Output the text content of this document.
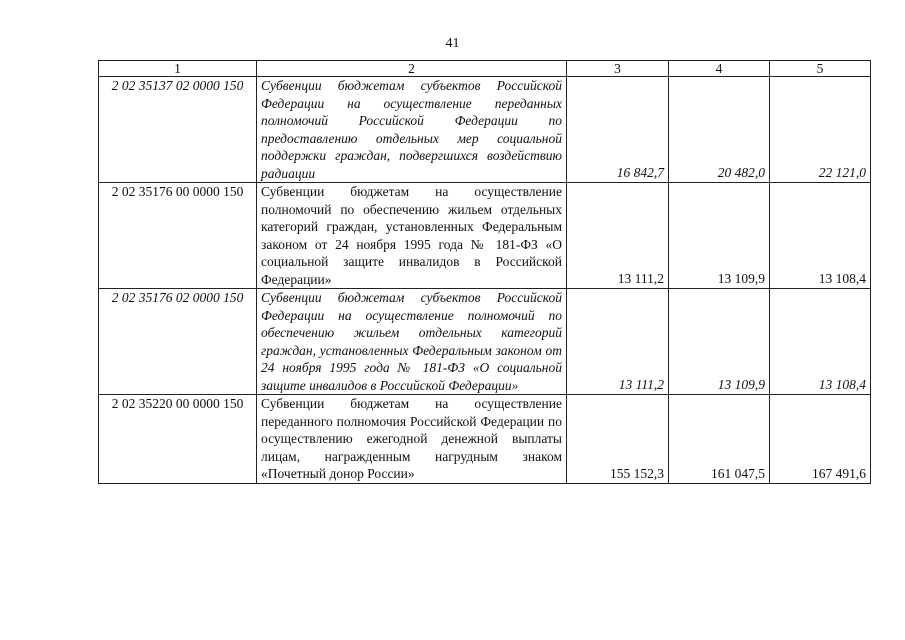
41
1	2	3	4	5
2 02 35137 02 0000 150	Субвенции бюджетам субъектов Российской Федерации на осуществление переданных полномочий Российской Федерации по предоставлению отдельных мер социальной поддержки граждан, подвергшихся воздействию радиации	16 842,7	20 482,0	22 121,0
2 02 35176 00 0000 150	Субвенции бюджетам на осуществление полномочий по обеспечению жильем отдельных категорий граждан, установленных Федеральным законом от 24 ноября 1995 года № 181-ФЗ «О социальной защите инвалидов в Российской Федерации»	13 111,2	13 109,9	13 108,4
2 02 35176 02 0000 150	Субвенции бюджетам субъектов Российской Федерации на осуществление полномочий по обеспечению жильем отдельных категорий граждан, установленных Федеральным законом от 24 ноября 1995 года № 181-ФЗ «О социальной защите инвалидов в Российской Федерации»	13 111,2	13 109,9	13 108,4
2 02 35220 00 0000 150	Субвенции бюджетам на осуществление переданного полномочия Российской Федерации по осуществлению ежегодной денежной выплаты лицам, награжденным нагрудным знаком «Почетный донор России»	155 152,3	161 047,5	167 491,6
